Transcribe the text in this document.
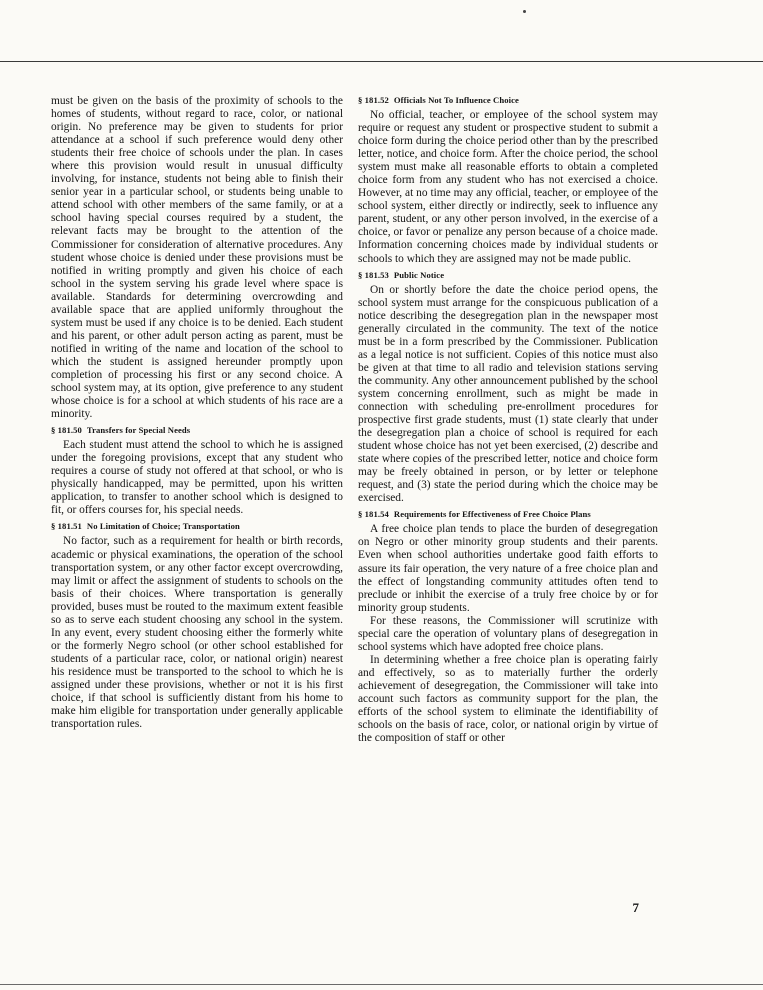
must be given on the basis of the proximity of schools to the homes of students, without regard to race, color, or national origin. No preference may be given to students for prior attendance at a school if such preference would deny other students their free choice of schools under the plan. In cases where this provision would result in unusual difficulty involving, for instance, students not being able to finish their senior year in a particular school, or students being unable to attend school with other members of the same family, or at a school having special courses required by a student, the relevant facts may be brought to the attention of the Commissioner for consideration of alternative procedures. Any student whose choice is denied under these provisions must be notified in writing promptly and given his choice of each school in the system serving his grade level where space is available. Standards for determining overcrowding and available space that are applied uniformly throughout the system must be used if any choice is to be denied. Each student and his parent, or other adult person acting as parent, must be notified in writing of the name and location of the school to which the student is assigned hereunder promptly upon completion of processing his first or any second choice. A school system may, at its option, give preference to any student whose choice is for a school at which students of his race are a minority.

§ 181.50 Transfers for Special Needs

Each student must attend the school to which he is assigned under the foregoing provisions, except that any student who requires a course of study not offered at that school, or who is physically handicapped, may be permitted, upon his written application, to transfer to another school which is designed to fit, or offers courses for, his special needs.

§ 181.51 No Limitation of Choice; Transportation

No factor, such as a requirement for health or birth records, academic or physical examinations, the operation of the school transportation system, or any other factor except overcrowding, may limit or affect the assignment of students to schools on the basis of their choices. Where transportation is generally provided, buses must be routed to the maximum extent feasible so as to serve each student choosing any school in the system. In any event, every student choosing either the formerly white or the formerly Negro school (or other school established for students of a particular race, color, or national origin) nearest his residence must be transported to the school to which he is assigned under these provisions, whether or not it is his first choice, if that school is sufficiently distant from his home to make him eligible for transportation under generally applicable transportation rules.

§ 181.52 Officials Not To Influence Choice

No official, teacher, or employee of the school system may require or request any student or prospective student to submit a choice form during the choice period other than by the prescribed letter, notice, and choice form. After the choice period, the school system must make all reasonable efforts to obtain a completed choice form from any student who has not exercised a choice. However, at no time may any official, teacher, or employee of the school system, either directly or indirectly, seek to influence any parent, student, or any other person involved, in the exercise of a choice, or favor or penalize any person because of a choice made. Information concerning choices made by individual students or schools to which they are assigned may not be made public.

§ 181.53 Public Notice

On or shortly before the date the choice period opens, the school system must arrange for the conspicuous publication of a notice describing the desegregation plan in the newspaper most generally circulated in the community. The text of the notice must be in a form prescribed by the Commissioner. Publication as a legal notice is not sufficient. Copies of this notice must also be given at that time to all radio and television stations serving the community. Any other announcement published by the school system concerning enrollment, such as might be made in connection with scheduling pre-enrollment procedures for prospective first grade students, must (1) state clearly that under the desegregation plan a choice of school is required for each student whose choice has not yet been exercised, (2) describe and state where copies of the prescribed letter, notice and choice form may be freely obtained in person, or by letter or telephone request, and (3) state the period during which the choice may be exercised.

§ 181.54 Requirements for Effectiveness of Free Choice Plans

A free choice plan tends to place the burden of desegregation on Negro or other minority group students and their parents. Even when school authorities undertake good faith efforts to assure its fair operation, the very nature of a free choice plan and the effect of longstanding community attitudes often tend to preclude or inhibit the exercise of a truly free choice by or for minority group students.

For these reasons, the Commissioner will scrutinize with special care the operation of voluntary plans of desegregation in school systems which have adopted free choice plans.

In determining whether a free choice plan is operating fairly and effectively, so as to materially further the orderly achievement of desegregation, the Commissioner will take into account such factors as community support for the plan, the efforts of the school system to eliminate the identifiability of schools on the basis of race, color, or national origin by virtue of the composition of staff or other

7
